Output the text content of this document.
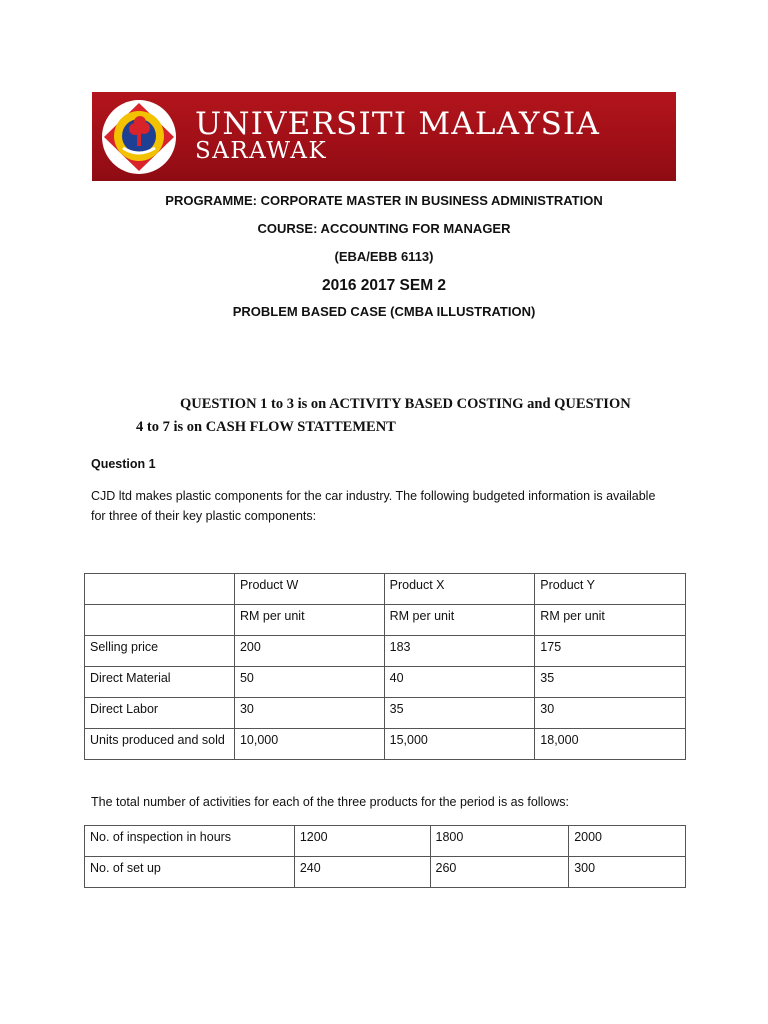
UNIVERSITI MALAYSIA
SARAWAK
PROGRAMME: CORPORATE MASTER IN BUSINESS ADMINISTRATION
COURSE: ACCOUNTING FOR MANAGER
(EBA/EBB 6113)
2016 2017 SEM 2
PROBLEM BASED CASE (CMBA ILLUSTRATION)
QUESTION 1 to 3 is on ACTIVITY BASED COSTING and QUESTION
4 to 7 is on CASH FLOW STATTEMENT
Question 1
CJD ltd makes plastic components for the car industry. The following budgeted information is available
for three of their key plastic components:
	Product W	Product X	Product Y
	RM per unit	RM per unit	RM per unit
Selling price	200	183	175
Direct Material	50	40	35
Direct Labor	30	35	30
Units produced and sold	10,000	15,000	18,000
The total number of activities for each of the three products for the period is as follows:
No. of inspection in hours	1200	1800	2000
No. of set up	240	260	300
